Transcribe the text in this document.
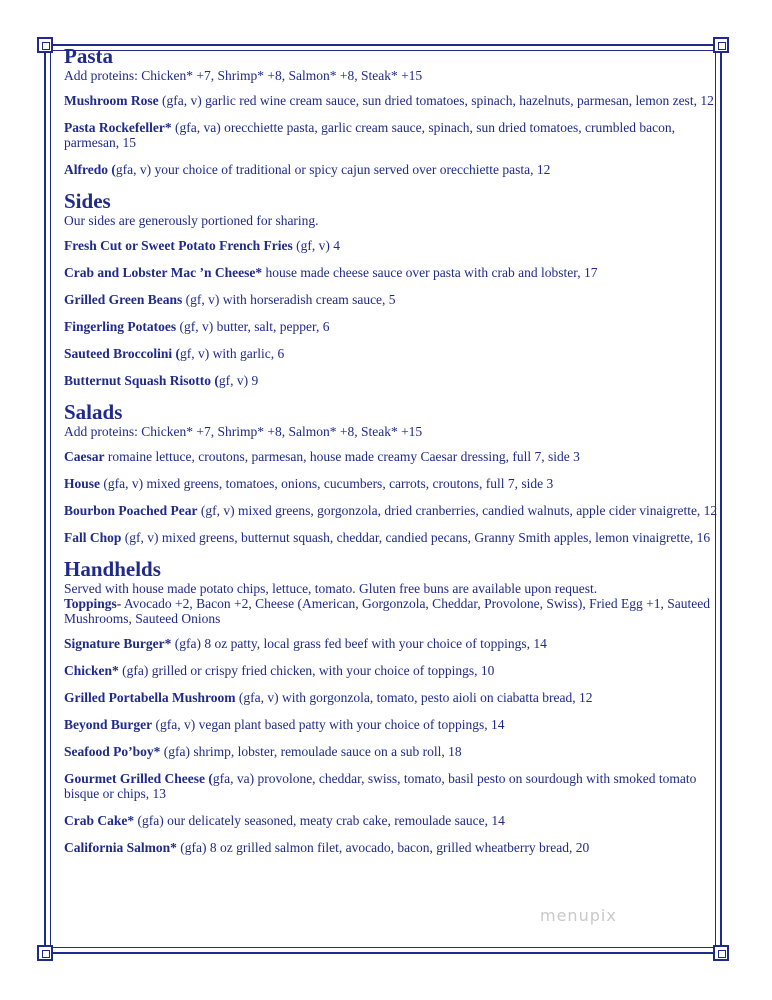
Pasta

Add proteins: Chicken* +7, Shrimp* +8, Salmon* +8, Steak* +15

Mushroom Rose (gfa, v) garlic red wine cream sauce, sun dried tomatoes, spinach, hazelnuts, parmesan, lemon zest, 12

Pasta Rockefeller* (gfa, va) orecchiette pasta, garlic cream sauce, spinach, sun dried tomatoes, crumbled bacon, parmesan, 15

Alfredo (gfa, v) your choice of traditional or spicy cajun served over orecchiette pasta, 12

Sides

Our sides are generously portioned for sharing.

Fresh Cut or Sweet Potato French Fries (gf, v) 4

Crab and Lobster Mac ’n Cheese* house made cheese sauce over pasta with crab and lobster, 17

Grilled Green Beans (gf, v) with horseradish cream sauce, 5

Fingerling Potatoes (gf, v) butter, salt, pepper, 6

Sauteed Broccolini (gf, v) with garlic, 6

Butternut Squash Risotto (gf, v) 9

Salads

Add proteins: Chicken* +7, Shrimp* +8, Salmon* +8, Steak* +15

Caesar romaine lettuce, croutons, parmesan, house made creamy Caesar dressing, full 7, side 3

House (gfa, v) mixed greens, tomatoes, onions, cucumbers, carrots, croutons, full 7, side 3

Bourbon Poached Pear (gf, v) mixed greens, gorgonzola, dried cranberries, candied walnuts, apple cider vinaigrette, 12

Fall Chop (gf, v) mixed greens, butternut squash, cheddar, candied pecans, Granny Smith apples, lemon vinaigrette, 16

Handhelds

Served with house made potato chips, lettuce, tomato. Gluten free buns are available upon request.

Toppings- Avocado +2, Bacon +2, Cheese (American, Gorgonzola, Cheddar, Provolone, Swiss), Fried Egg +1, Sauteed Mushrooms, Sauteed Onions

Signature Burger* (gfa) 8 oz patty, local grass fed beef with your choice of toppings, 14

Chicken* (gfa) grilled or crispy fried chicken, with your choice of toppings, 10

Grilled Portabella Mushroom (gfa, v) with gorgonzola, tomato, pesto aioli on ciabatta bread, 12

Beyond Burger (gfa, v) vegan plant based patty with your choice of toppings, 14

Seafood Po’boy* (gfa) shrimp, lobster, remoulade sauce on a sub roll, 18

Gourmet Grilled Cheese (gfa, va) provolone, cheddar, swiss, tomato, basil pesto on sourdough with smoked tomato bisque or chips, 13

Crab Cake* (gfa) our delicately seasoned, meaty crab cake, remoulade sauce, 14

California Salmon* (gfa) 8 oz grilled salmon filet, avocado, bacon, grilled wheatberry bread, 20

menupix
